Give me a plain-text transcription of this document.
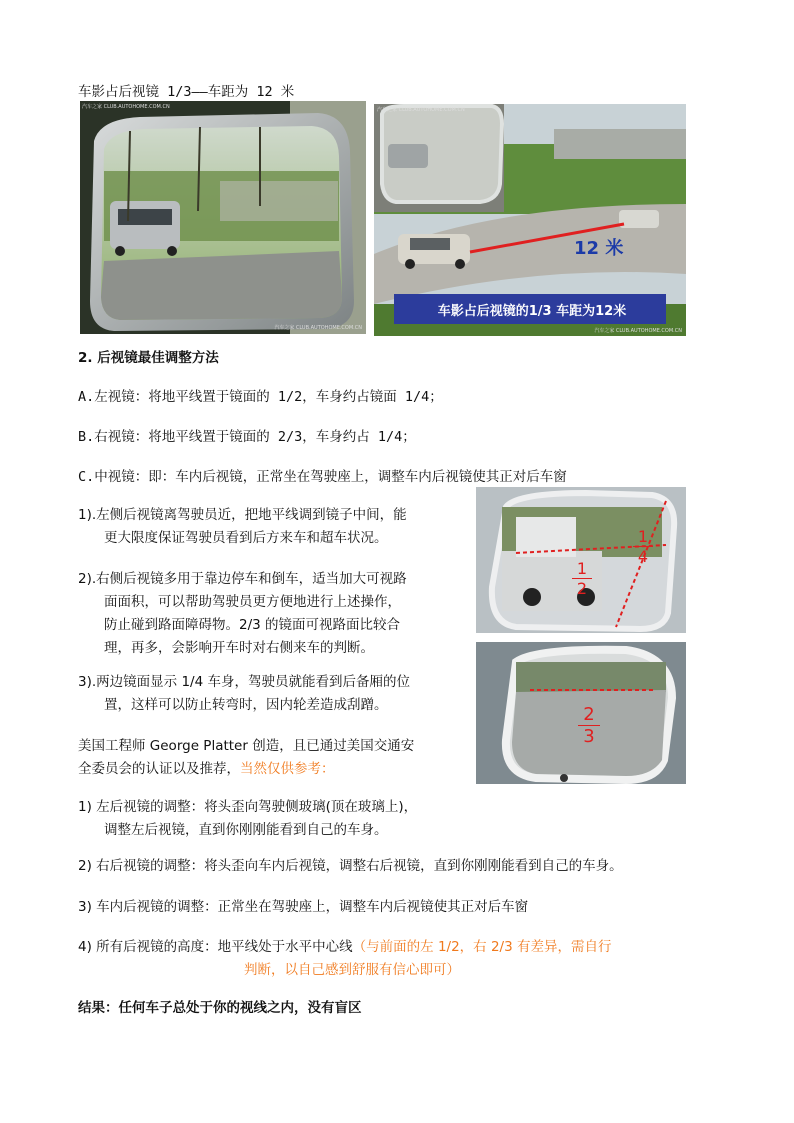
车影占后视镜 1/3——车距为 12 米
汽车之家 CLUB.AUTOHOME.COM.CN
汽车之家 CLUB.AUTOHOME.COM.CN
汽车之家 CLUB.AUTOHOME.COM.CN
12 米
车影占后视镜的1/3 车距为12米
汽车之家 CLUB.AUTOHOME.COM.CN
2. 后视镜最佳调整方法
A.左视镜：将地平线置于镜面的 1/2，车身约占镜面 1/4；
B.右视镜：将地平线置于镜面的 2/3，车身约占 1/4；
C.中视镜：即：车内后视镜，正常坐在驾驶座上，调整车内后视镜使其正对后车窗
1).左侧后视镜离驾驶员近，把地平线调到镜子中间，能
更大限度保证驾驶员看到后方来车和超车状况。
2).右侧后视镜多用于靠边停车和倒车，适当加大可视路
面面积，可以帮助驾驶员更方便地进行上述操作，
防止碰到路面障碍物。2/3 的镜面可视路面比较合
理，再多，会影响开车时对右侧来车的判断。
3).两边镜面显示 1/4 车身，驾驶员就能看到后备厢的位
置，这样可以防止转弯时，因内轮差造成刮蹭。
$\frac{1}{2}$
$\frac{1}{4}$
$\frac{2}{3}$
美国工程师 George Platter 创造，且已通过美国交通安
全委员会的认证以及推荐，当然仅供参考：
1) 左后视镜的调整：将头歪向驾驶侧玻璃(顶在玻璃上)，
调整左后视镜，直到你刚刚能看到自己的车身。
2) 右后视镜的调整：将头歪向车内后视镜，调整右后视镜，直到你刚刚能看到自己的车身。
3) 车内后视镜的调整：正常坐在驾驶座上，调整车内后视镜使其正对后车窗
4) 所有后视镜的高度：地平线处于水平中心线（与前面的左 1/2，右 2/3 有差异，需自行
判断，以自己感到舒服有信心即可）
结果：任何车子总处于你的视线之内，没有盲区
